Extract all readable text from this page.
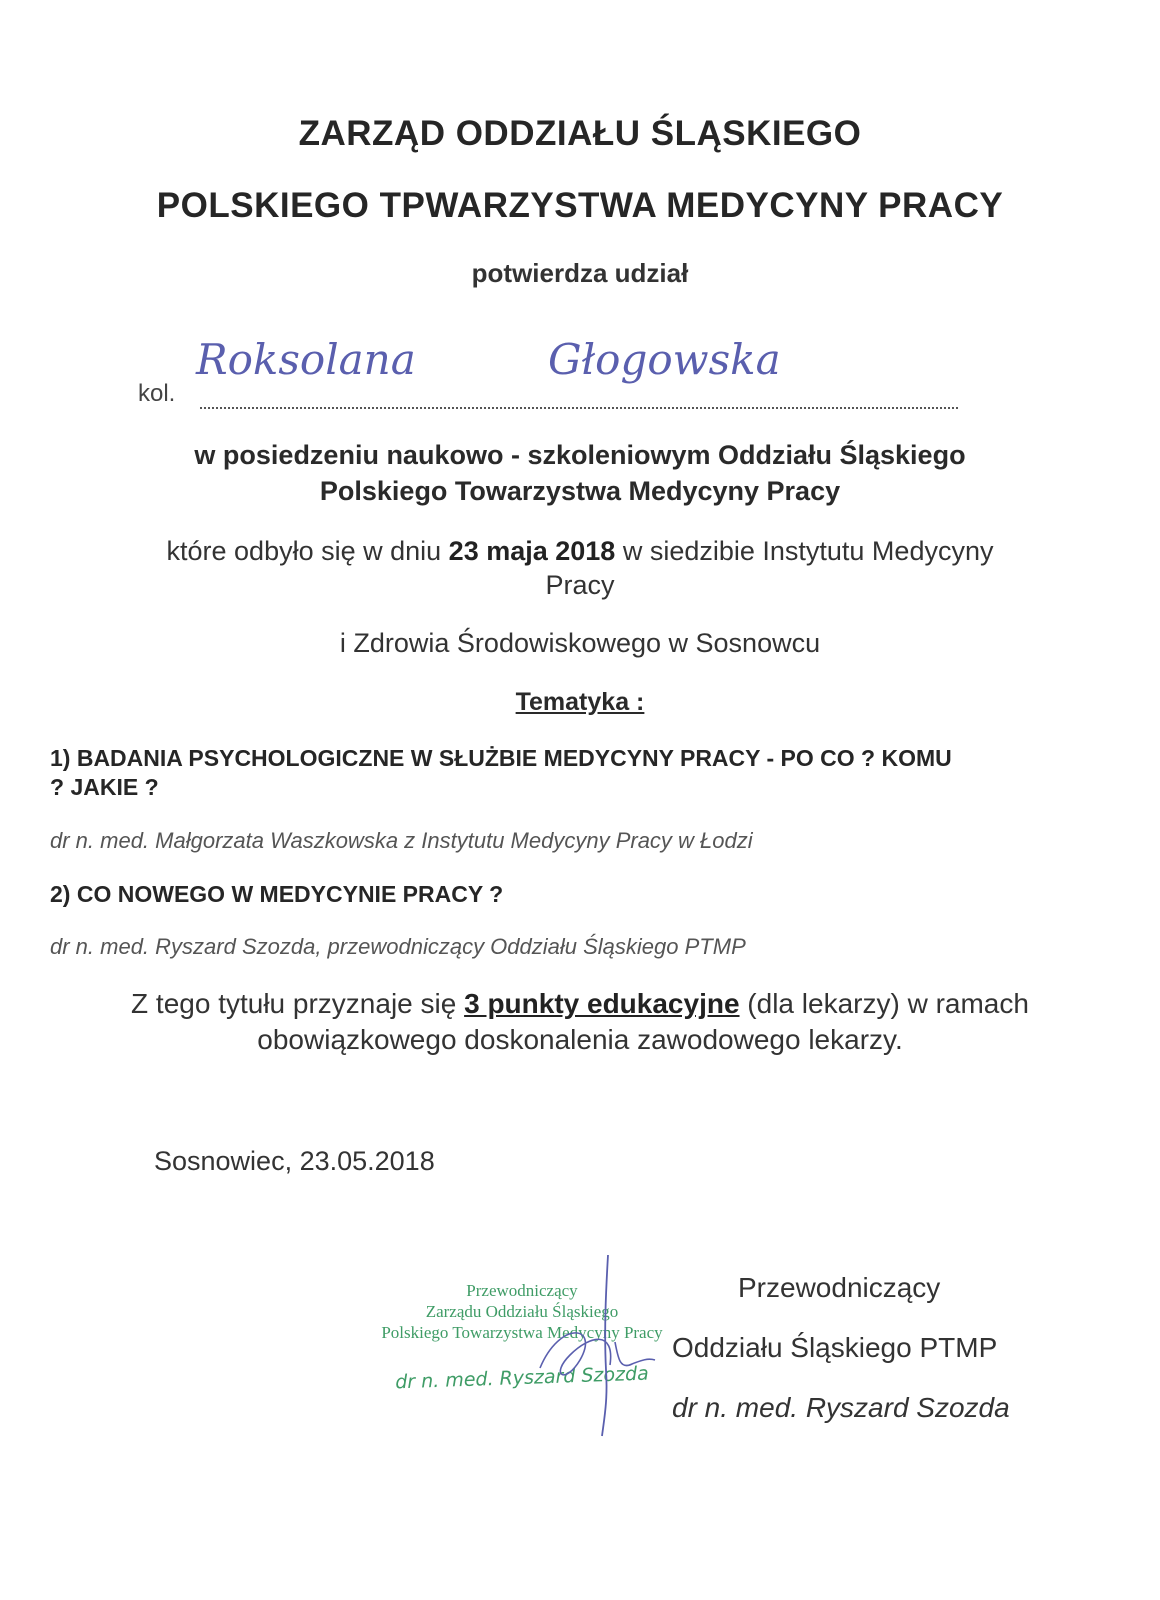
ZARZĄD ODDZIAŁU ŚLĄSKIEGO
POLSKIEGO TPWARZYSTWA MEDYCYNY PRACY
potwierdza udział
kol.
Roksolana	Głogowska
w posiedzeniu naukowo - szkoleniowym Oddziału Śląskiego
Polskiego Towarzystwa Medycyny Pracy
które odbyło się w dniu 23 maja 2018 w siedzibie Instytutu Medycyny
Pracy
i Zdrowia Środowiskowego w Sosnowcu
Tematyka :
1) BADANIA PSYCHOLOGICZNE W SŁUŻBIE MEDYCYNY PRACY - PO CO ? KOMU
? JAKIE ?
dr n. med. Małgorzata Waszkowska z Instytutu Medycyny Pracy w Łodzi
2) CO NOWEGO W MEDYCYNIE PRACY ?
dr n. med. Ryszard Szozda, przewodniczący Oddziału Śląskiego PTMP
Z tego tytułu przyznaje się 3 punkty edukacyjne (dla lekarzy) w ramach
obowiązkowego doskonalenia zawodowego lekarzy.
Sosnowiec, 23.05.2018
Przewodniczący
Zarządu Oddziału Śląskiego
Polskiego Towarzystwa Medycyny Pracy
dr n. med. Ryszard Szozda
Przewodniczący
Oddziału Śląskiego PTMP
dr n. med. Ryszard Szozda
